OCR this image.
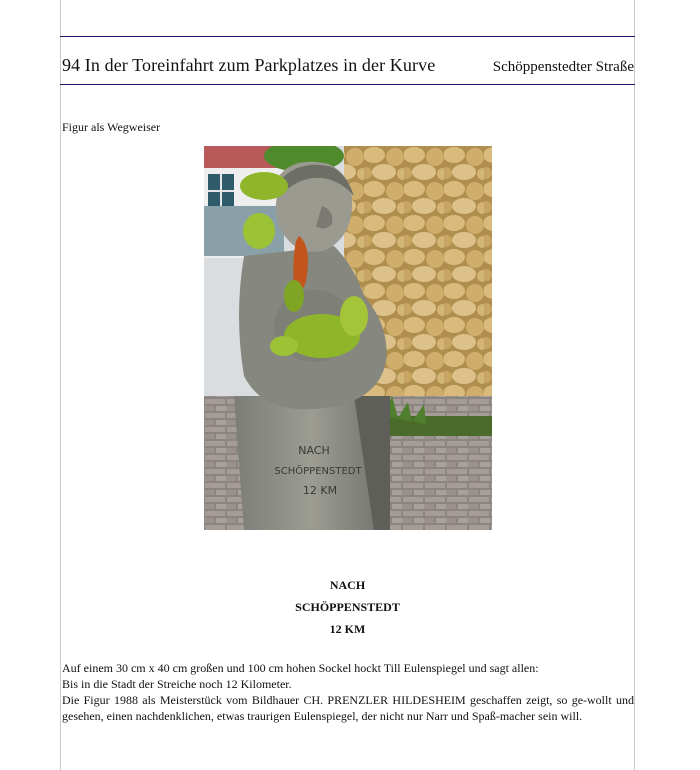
94 In der Toreinfahrt zum Parkplatzes in der Kurve	Schöppenstedter Straße
Figur als Wegweiser
NACH
SCHÖPPENSTEDT
12 KM
NACH
SCHÖPPENSTEDT
12 KM

Auf einem 30 cm x 40 cm großen und 100 cm hohen Sockel hockt Till Eulenspiegel und sagt allen:

Bis in die Stadt der Streiche noch 12 Kilometer.

Die Figur 1988 als Meisterstück vom Bildhauer CH. PRENZLER HILDESHEIM geschaffen zeigt, so ge-wollt und gesehen, einen nachdenklichen, etwas traurigen Eulenspiegel, der nicht nur Narr und Spaß-macher sein will.
